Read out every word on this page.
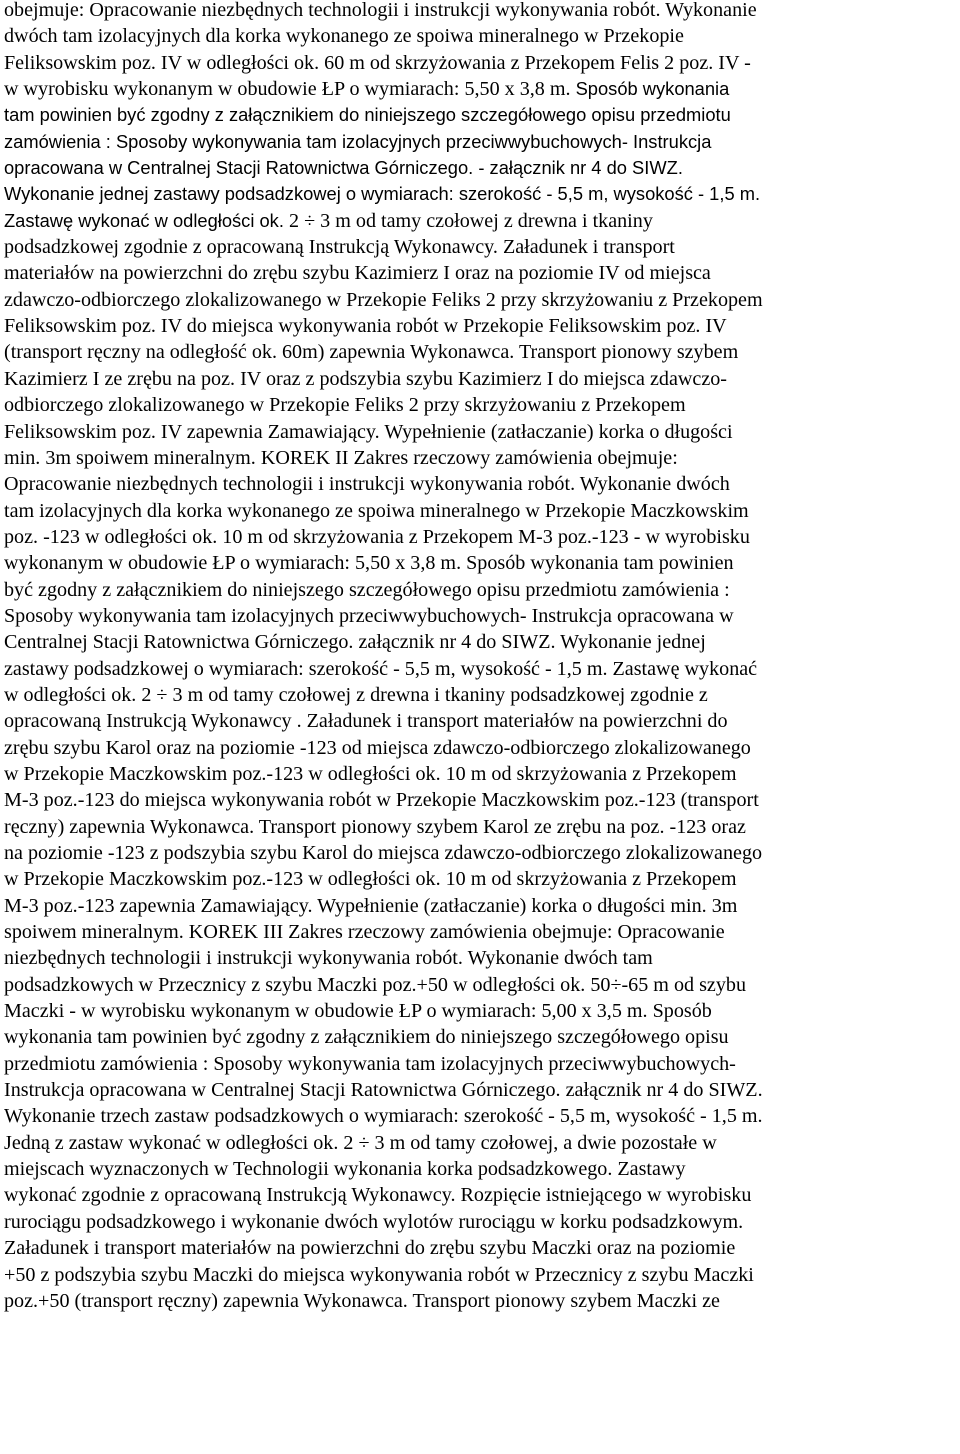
obejmuje: Opracowanie niezbędnych technologii i instrukcji wykonywania robót. Wykonanie
dwóch tam izolacyjnych dla korka wykonanego ze spoiwa mineralnego w Przekopie
Feliksowskim poz. IV w odległości ok. 60 m od skrzyżowania z Przekopem Felis 2 poz. IV -
w wyrobisku wykonanym w obudowie ŁP o wymiarach: 5,50 x 3,8 m. Sposób wykonania
tam powinien być zgodny z załącznikiem do niniejszego szczegółowego opisu przedmiotu
zamówienia : Sposoby wykonywania tam izolacyjnych przeciwwybuchowych- Instrukcja
opracowana w Centralnej Stacji Ratownictwa Górniczego. - załącznik nr 4 do SIWZ.
Wykonanie jednej zastawy podsadzkowej o wymiarach: szerokość - 5,5 m, wysokość - 1,5 m.
Zastawę wykonać w odległości ok. 2 ÷ 3 m od tamy czołowej z drewna i tkaniny
podsadzkowej zgodnie z opracowaną Instrukcją Wykonawcy. Załadunek i transport
materiałów na powierzchni do zrębu szybu Kazimierz I oraz na poziomie IV od miejsca
zdawczo-odbiorczego zlokalizowanego w Przekopie Feliks 2 przy skrzyżowaniu z Przekopem
Feliksowskim poz. IV do miejsca wykonywania robót w Przekopie Feliksowskim poz. IV
(transport ręczny na odległość ok. 60m) zapewnia Wykonawca. Transport pionowy szybem
Kazimierz I ze zrębu na poz. IV oraz z podszybia szybu Kazimierz I do miejsca zdawczo-
odbiorczego zlokalizowanego w Przekopie Feliks 2 przy skrzyżowaniu z Przekopem
Feliksowskim poz. IV zapewnia Zamawiający. Wypełnienie (zatłaczanie) korka o długości
min. 3m spoiwem mineralnym. KOREK II Zakres rzeczowy zamówienia obejmuje:
Opracowanie niezbędnych technologii i instrukcji wykonywania robót. Wykonanie dwóch
tam izolacyjnych dla korka wykonanego ze spoiwa mineralnego w Przekopie Maczkowskim
poz. -123 w odległości ok. 10 m od skrzyżowania z Przekopem M-3 poz.-123 - w wyrobisku
wykonanym w obudowie ŁP o wymiarach: 5,50 x 3,8 m. Sposób wykonania tam powinien
być zgodny z załącznikiem do niniejszego szczegółowego opisu przedmiotu zamówienia :
Sposoby wykonywania tam izolacyjnych przeciwwybuchowych- Instrukcja opracowana w
Centralnej Stacji Ratownictwa Górniczego. załącznik nr 4 do SIWZ. Wykonanie jednej
zastawy podsadzkowej o wymiarach: szerokość - 5,5 m, wysokość - 1,5 m. Zastawę wykonać
w odległości ok. 2 ÷ 3 m od tamy czołowej z drewna i tkaniny podsadzkowej zgodnie z
opracowaną Instrukcją Wykonawcy . Załadunek i transport materiałów na powierzchni do
zrębu szybu Karol oraz na poziomie -123 od miejsca zdawczo-odbiorczego zlokalizowanego
w Przekopie Maczkowskim poz.-123 w odległości ok. 10 m od skrzyżowania z Przekopem
M-3 poz.-123 do miejsca wykonywania robót w Przekopie Maczkowskim poz.-123 (transport
ręczny) zapewnia Wykonawca. Transport pionowy szybem Karol ze zrębu na poz. -123 oraz
na poziomie -123 z podszybia szybu Karol do miejsca zdawczo-odbiorczego zlokalizowanego
w Przekopie Maczkowskim poz.-123 w odległości ok. 10 m od skrzyżowania z Przekopem
M-3 poz.-123 zapewnia Zamawiający. Wypełnienie (zatłaczanie) korka o długości min. 3m
spoiwem mineralnym. KOREK III Zakres rzeczowy zamówienia obejmuje: Opracowanie
niezbędnych technologii i instrukcji wykonywania robót. Wykonanie dwóch tam
podsadzkowych w Przecznicy z szybu Maczki poz.+50 w odległości ok. 50÷-65 m od szybu
Maczki - w wyrobisku wykonanym w obudowie ŁP o wymiarach: 5,00 x 3,5 m. Sposób
wykonania tam powinien być zgodny z załącznikiem do niniejszego szczegółowego opisu
przedmiotu zamówienia : Sposoby wykonywania tam izolacyjnych przeciwwybuchowych-
Instrukcja opracowana w Centralnej Stacji Ratownictwa Górniczego. załącznik nr 4 do SIWZ.
Wykonanie trzech zastaw podsadzkowych o wymiarach: szerokość - 5,5 m, wysokość - 1,5 m.
Jedną z zastaw wykonać w odległości ok. 2 ÷ 3 m od tamy czołowej, a dwie pozostałe w
miejscach wyznaczonych w Technologii wykonania korka podsadzkowego. Zastawy
wykonać zgodnie z opracowaną Instrukcją Wykonawcy. Rozpięcie istniejącego w wyrobisku
rurociągu podsadzkowego i wykonanie dwóch wylotów rurociągu w korku podsadzkowym.
Załadunek i transport materiałów na powierzchni do zrębu szybu Maczki oraz na poziomie
+50 z podszybia szybu Maczki do miejsca wykonywania robót w Przecznicy z szybu Maczki
poz.+50 (transport ręczny) zapewnia Wykonawca. Transport pionowy szybem Maczki ze
